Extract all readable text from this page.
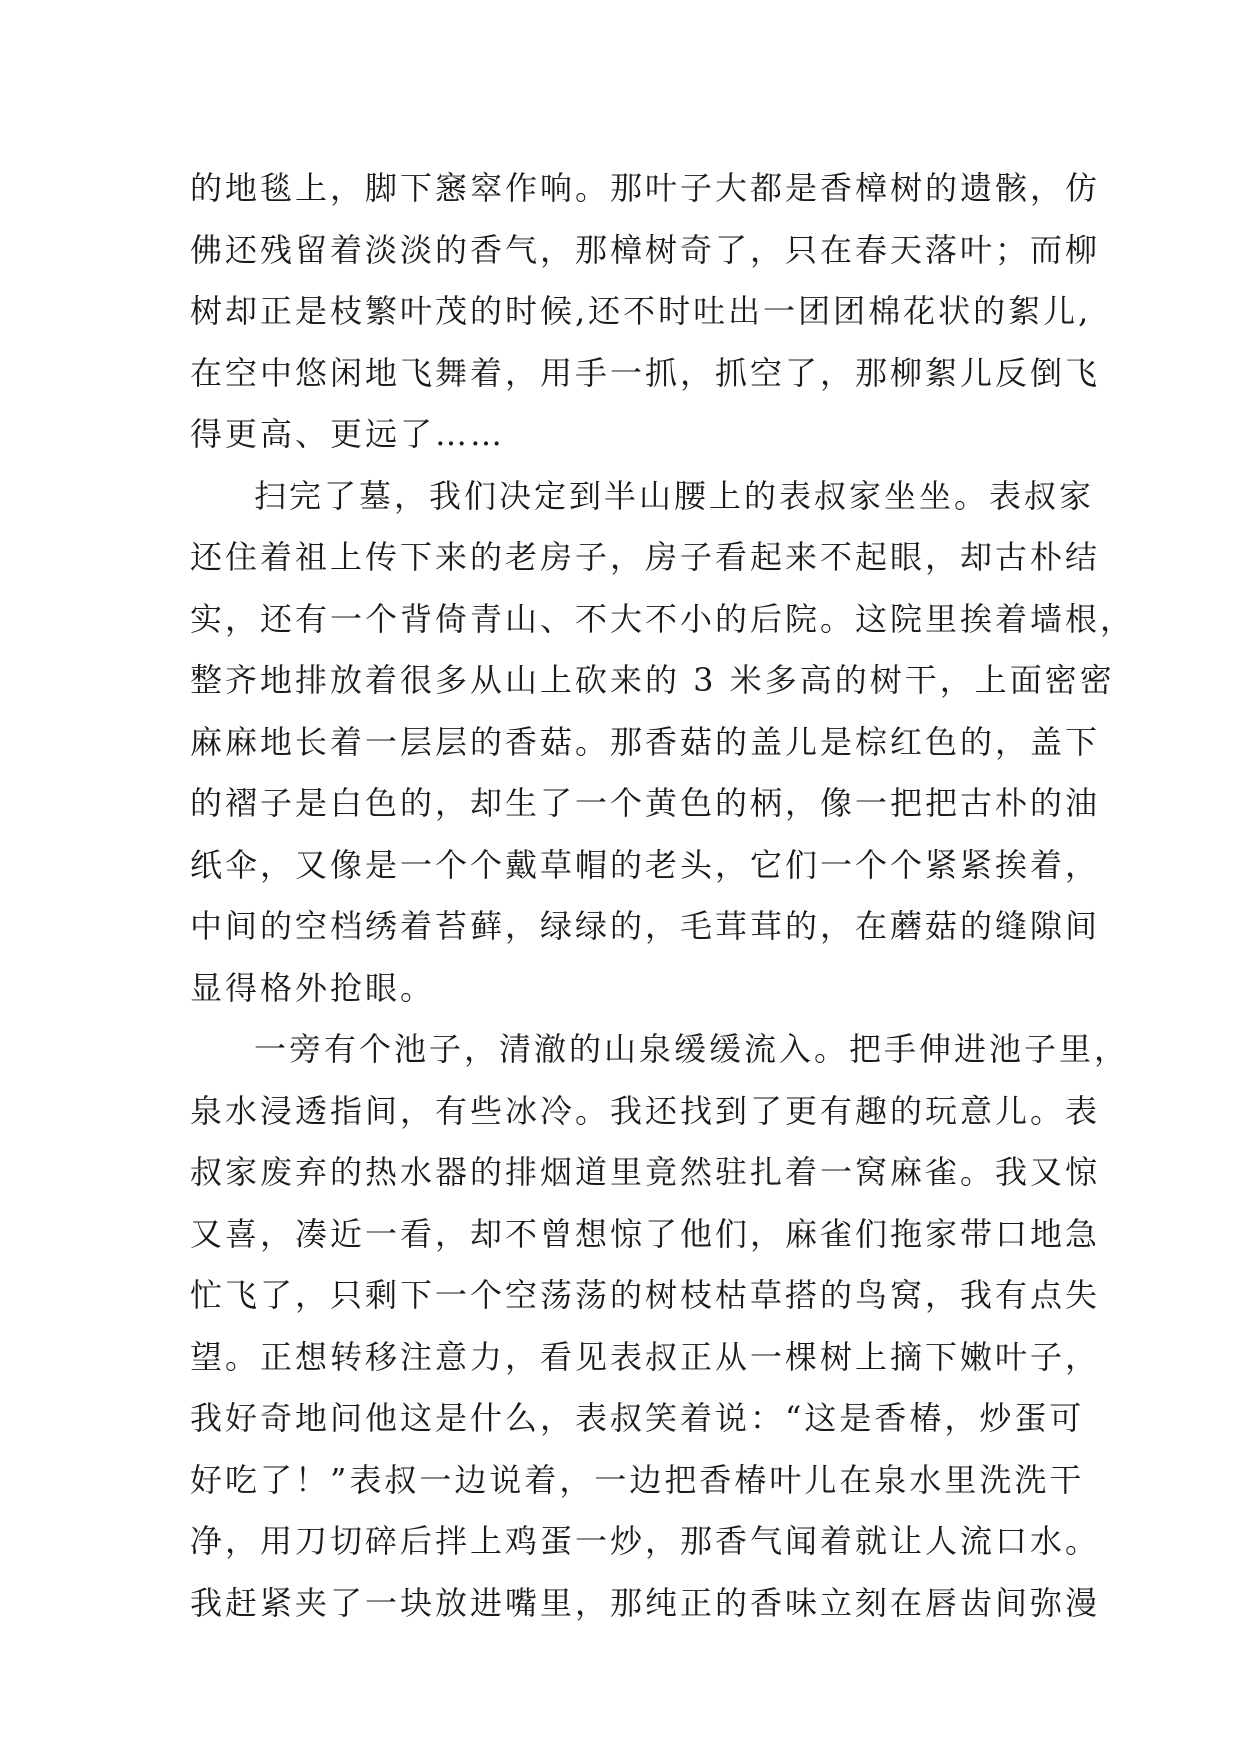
的地毯上，脚下窸窣作响。那叶子大都是香樟树的遗骸，仿
佛还残留着淡淡的香气，那樟树奇了，只在春天落叶；而柳
树却正是枝繁叶茂的时候,还不时吐出一团团棉花状的絮儿,
在空中悠闲地飞舞着，用手一抓，抓空了，那柳絮儿反倒飞
得更高、更远了……
扫完了墓，我们决定到半山腰上的表叔家坐坐。表叔家
还住着祖上传下来的老房子，房子看起来不起眼，却古朴结
实，还有一个背倚青山、不大不小的后院。这院里挨着墙根，
整齐地排放着很多从山上砍来的 3 米多高的树干，上面密密
麻麻地长着一层层的香菇。那香菇的盖儿是棕红色的，盖下
的褶子是白色的，却生了一个黄色的柄，像一把把古朴的油
纸伞，又像是一个个戴草帽的老头，它们一个个紧紧挨着，
中间的空档绣着苔藓，绿绿的，毛茸茸的，在蘑菇的缝隙间
显得格外抢眼。
一旁有个池子，清澈的山泉缓缓流入。把手伸进池子里，
泉水浸透指间，有些冰冷。我还找到了更有趣的玩意儿。表
叔家废弃的热水器的排烟道里竟然驻扎着一窝麻雀。我又惊
又喜，凑近一看，却不曾想惊了他们，麻雀们拖家带口地急
忙飞了，只剩下一个空荡荡的树枝枯草搭的鸟窝，我有点失
望。正想转移注意力，看见表叔正从一棵树上摘下嫩叶子，
我好奇地问他这是什么，表叔笑着说：“这是香椿，炒蛋可
好吃了！”表叔一边说着，一边把香椿叶儿在泉水里洗洗干
净，用刀切碎后拌上鸡蛋一炒，那香气闻着就让人流口水。
我赶紧夹了一块放进嘴里，那纯正的香味立刻在唇齿间弥漫
